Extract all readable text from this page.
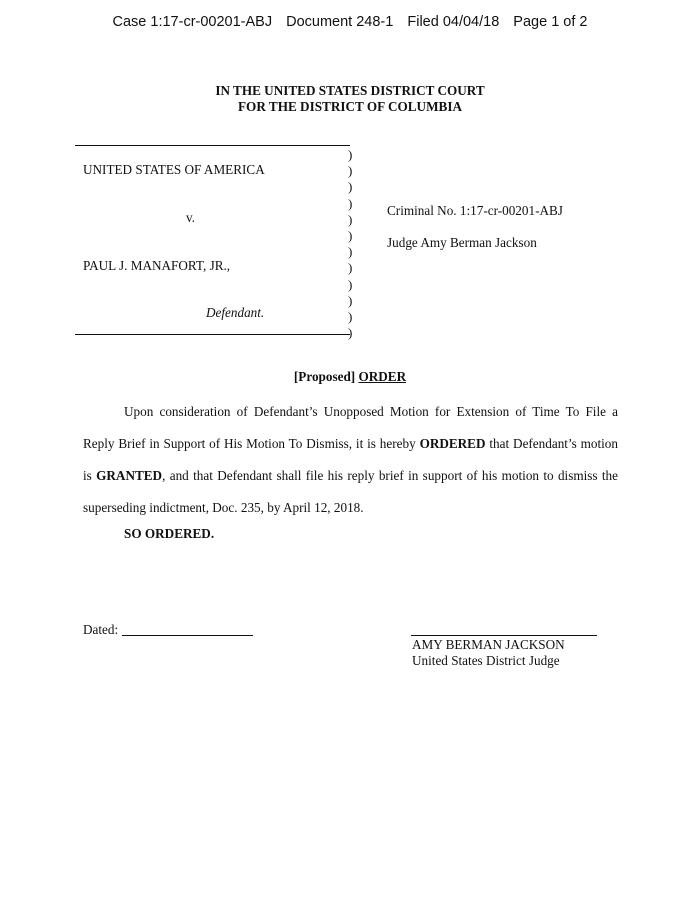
Case 1:17-cr-00201-ABJ Document 248-1 Filed 04/04/18 Page 1 of 2
IN THE UNITED STATES DISTRICT COURT
FOR THE DISTRICT OF COLUMBIA
)
)
)
)
)
)
)
)
)
)
)
)
UNITED STATES OF AMERICA
v.
PAUL J. MANAFORT, JR.,
Defendant.
Criminal No. 1:17-cr-00201-ABJ
Judge Amy Berman Jackson
[Proposed] ORDER

Upon consideration of Defendant’s Unopposed Motion for Extension of Time To File a Reply Brief in Support of His Motion To Dismiss, it is hereby ORDERED that Defendant’s motion is GRANTED, and that Defendant shall file his reply brief in support of his motion to dismiss the superseding indictment, Doc. 235, by April 12, 2018.

SO ORDERED.
Dated:
AMY BERMAN JACKSON
United States District Judge
